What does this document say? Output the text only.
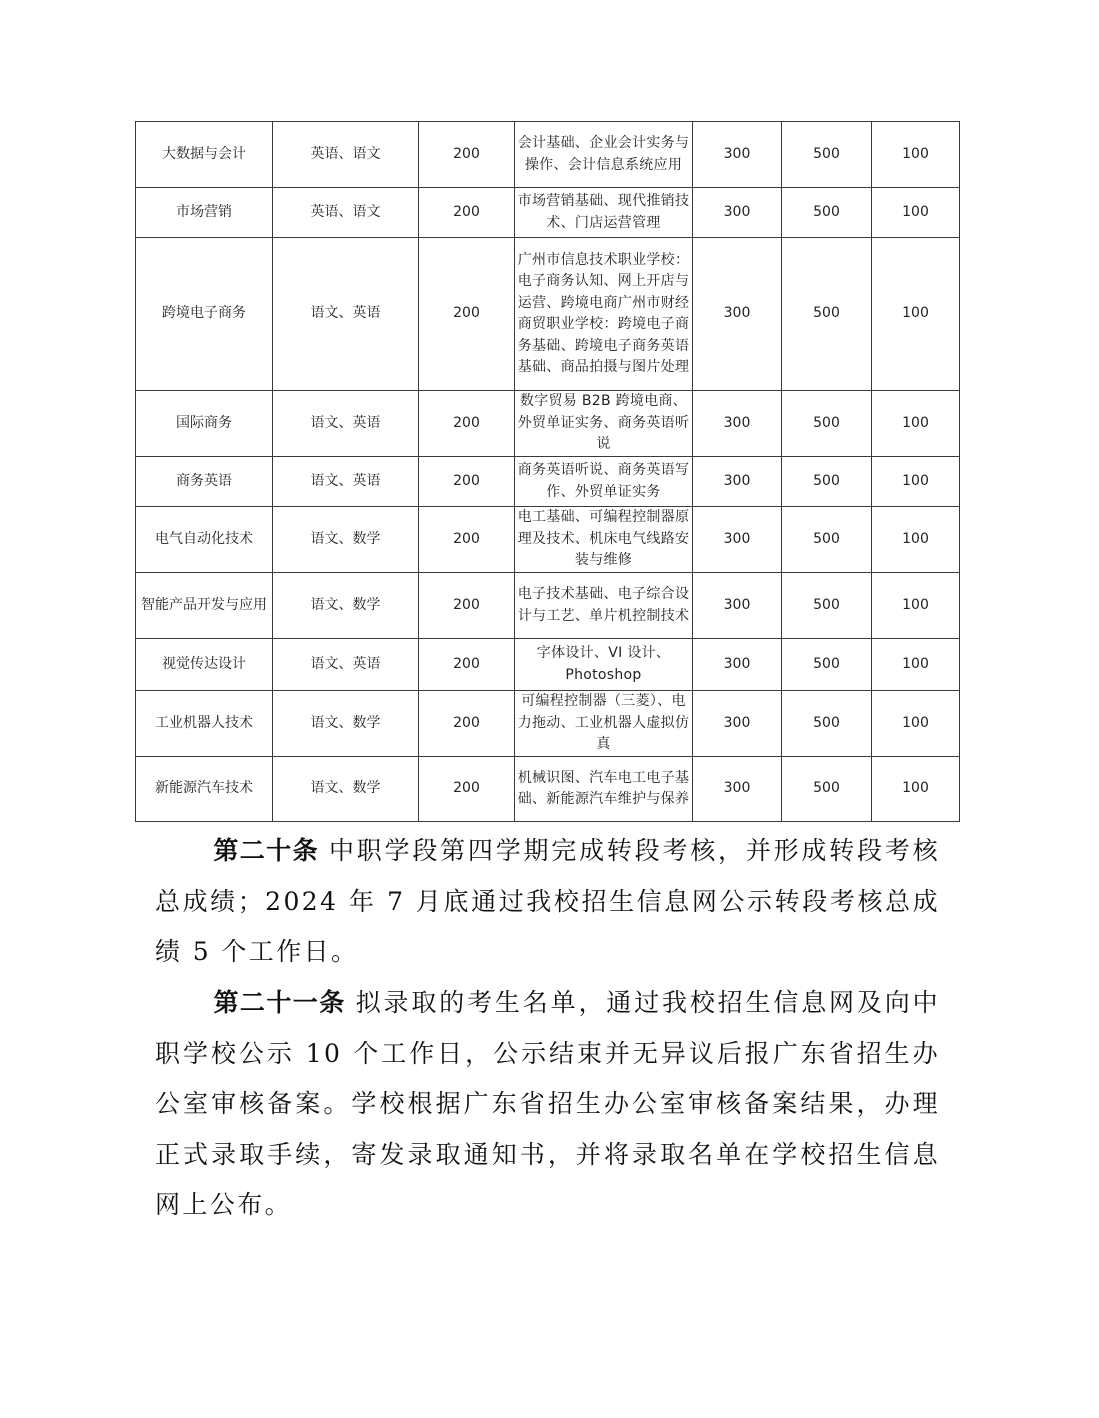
大数据与会计	英语、语文	200	会计基础、企业会计实务与操作、会计信息系统应用	300	500	100
市场营销	英语、语文	200	市场营销基础、现代推销技术、门店运营管理	300	500	100
跨境电子商务	语文、英语	200	广州市信息技术职业学校：电子商务认知、网上开店与运营、跨境电商广州市财经商贸职业学校：跨境电子商务基础、跨境电子商务英语基础、商品拍摄与图片处理	300	500	100
国际商务	语文、英语	200	数字贸易 B2B 跨境电商、外贸单证实务、商务英语听说	300	500	100
商务英语	语文、英语	200	商务英语听说、商务英语写作、外贸单证实务	300	500	100
电气自动化技术	语文、数学	200	电工基础、可编程控制器原理及技术、机床电气线路安装与维修	300	500	100
智能产品开发与应用	语文、数学	200	电子技术基础、电子综合设计与工艺、单片机控制技术	300	500	100
视觉传达设计	语文、英语	200	字体设计、VI 设计、Photoshop	300	500	100
工业机器人技术	语文、数学	200	可编程控制器（三菱）、电力拖动、工业机器人虚拟仿真	300	500	100
新能源汽车技术	语文、数学	200	机械识图、汽车电工电子基础、新能源汽车维护与保养	300	500	100
第二十条 中职学段第四学期完成转段考核，并形成转段考核总成绩；2024 年 7 月底通过我校招生信息网公示转段考核总成绩 5 个工作日。
第二十一条 拟录取的考生名单，通过我校招生信息网及向中职学校公示 10 个工作日，公示结束并无异议后报广东省招生办公室审核备案。学校根据广东省招生办公室审核备案结果，办理正式录取手续，寄发录取通知书，并将录取名单在学校招生信息网上公布。
